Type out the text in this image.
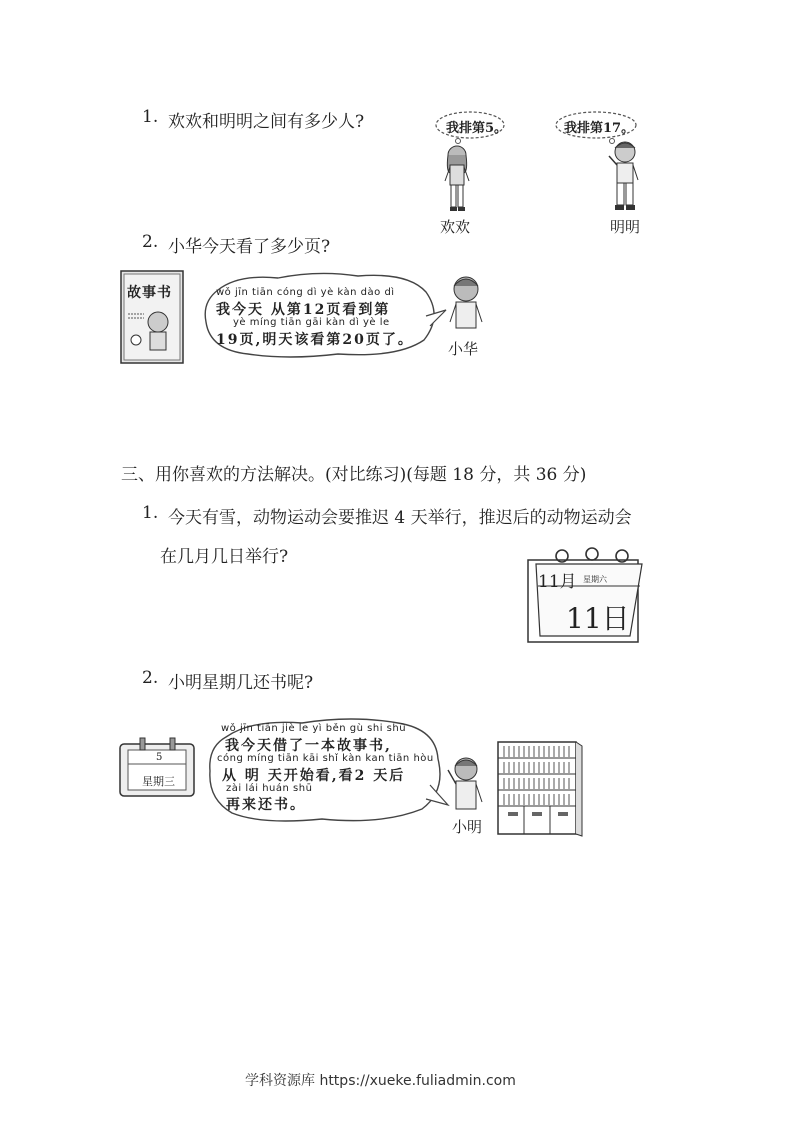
1. 欢欢和明明之间有多少人?	我排第5。	我排第17。
欢欢	明明
2. 小华今天看了多少页?
故事书	wǒ jīn tiān cóng dì yè kàn dào dì
我今天 从第12页看到第
yè míng tiān gāi kàn dì yè le
19页,明天该看第20页了。 小华
三、用你喜欢的方法解决。(对比练习)(每题 18 分，共 36 分)
1. 今天有雪，动物运动会要推迟 4 天举行，推迟后的动物运动会
在几月几日举行?
11月 星期六
11日
2. 小明星期几还书呢?
5
星期三
wǒ jīn tiān jiè le yì běn gù shi shū
我今天借了一本故事书,
cóng míng tiān kāi shǐ kàn kan tiān hòu
从 明 天开始看,看2 天后
zài lái huán shū
再来还书。
小明
学科资源库 https://xueke.fuliadmin.com
